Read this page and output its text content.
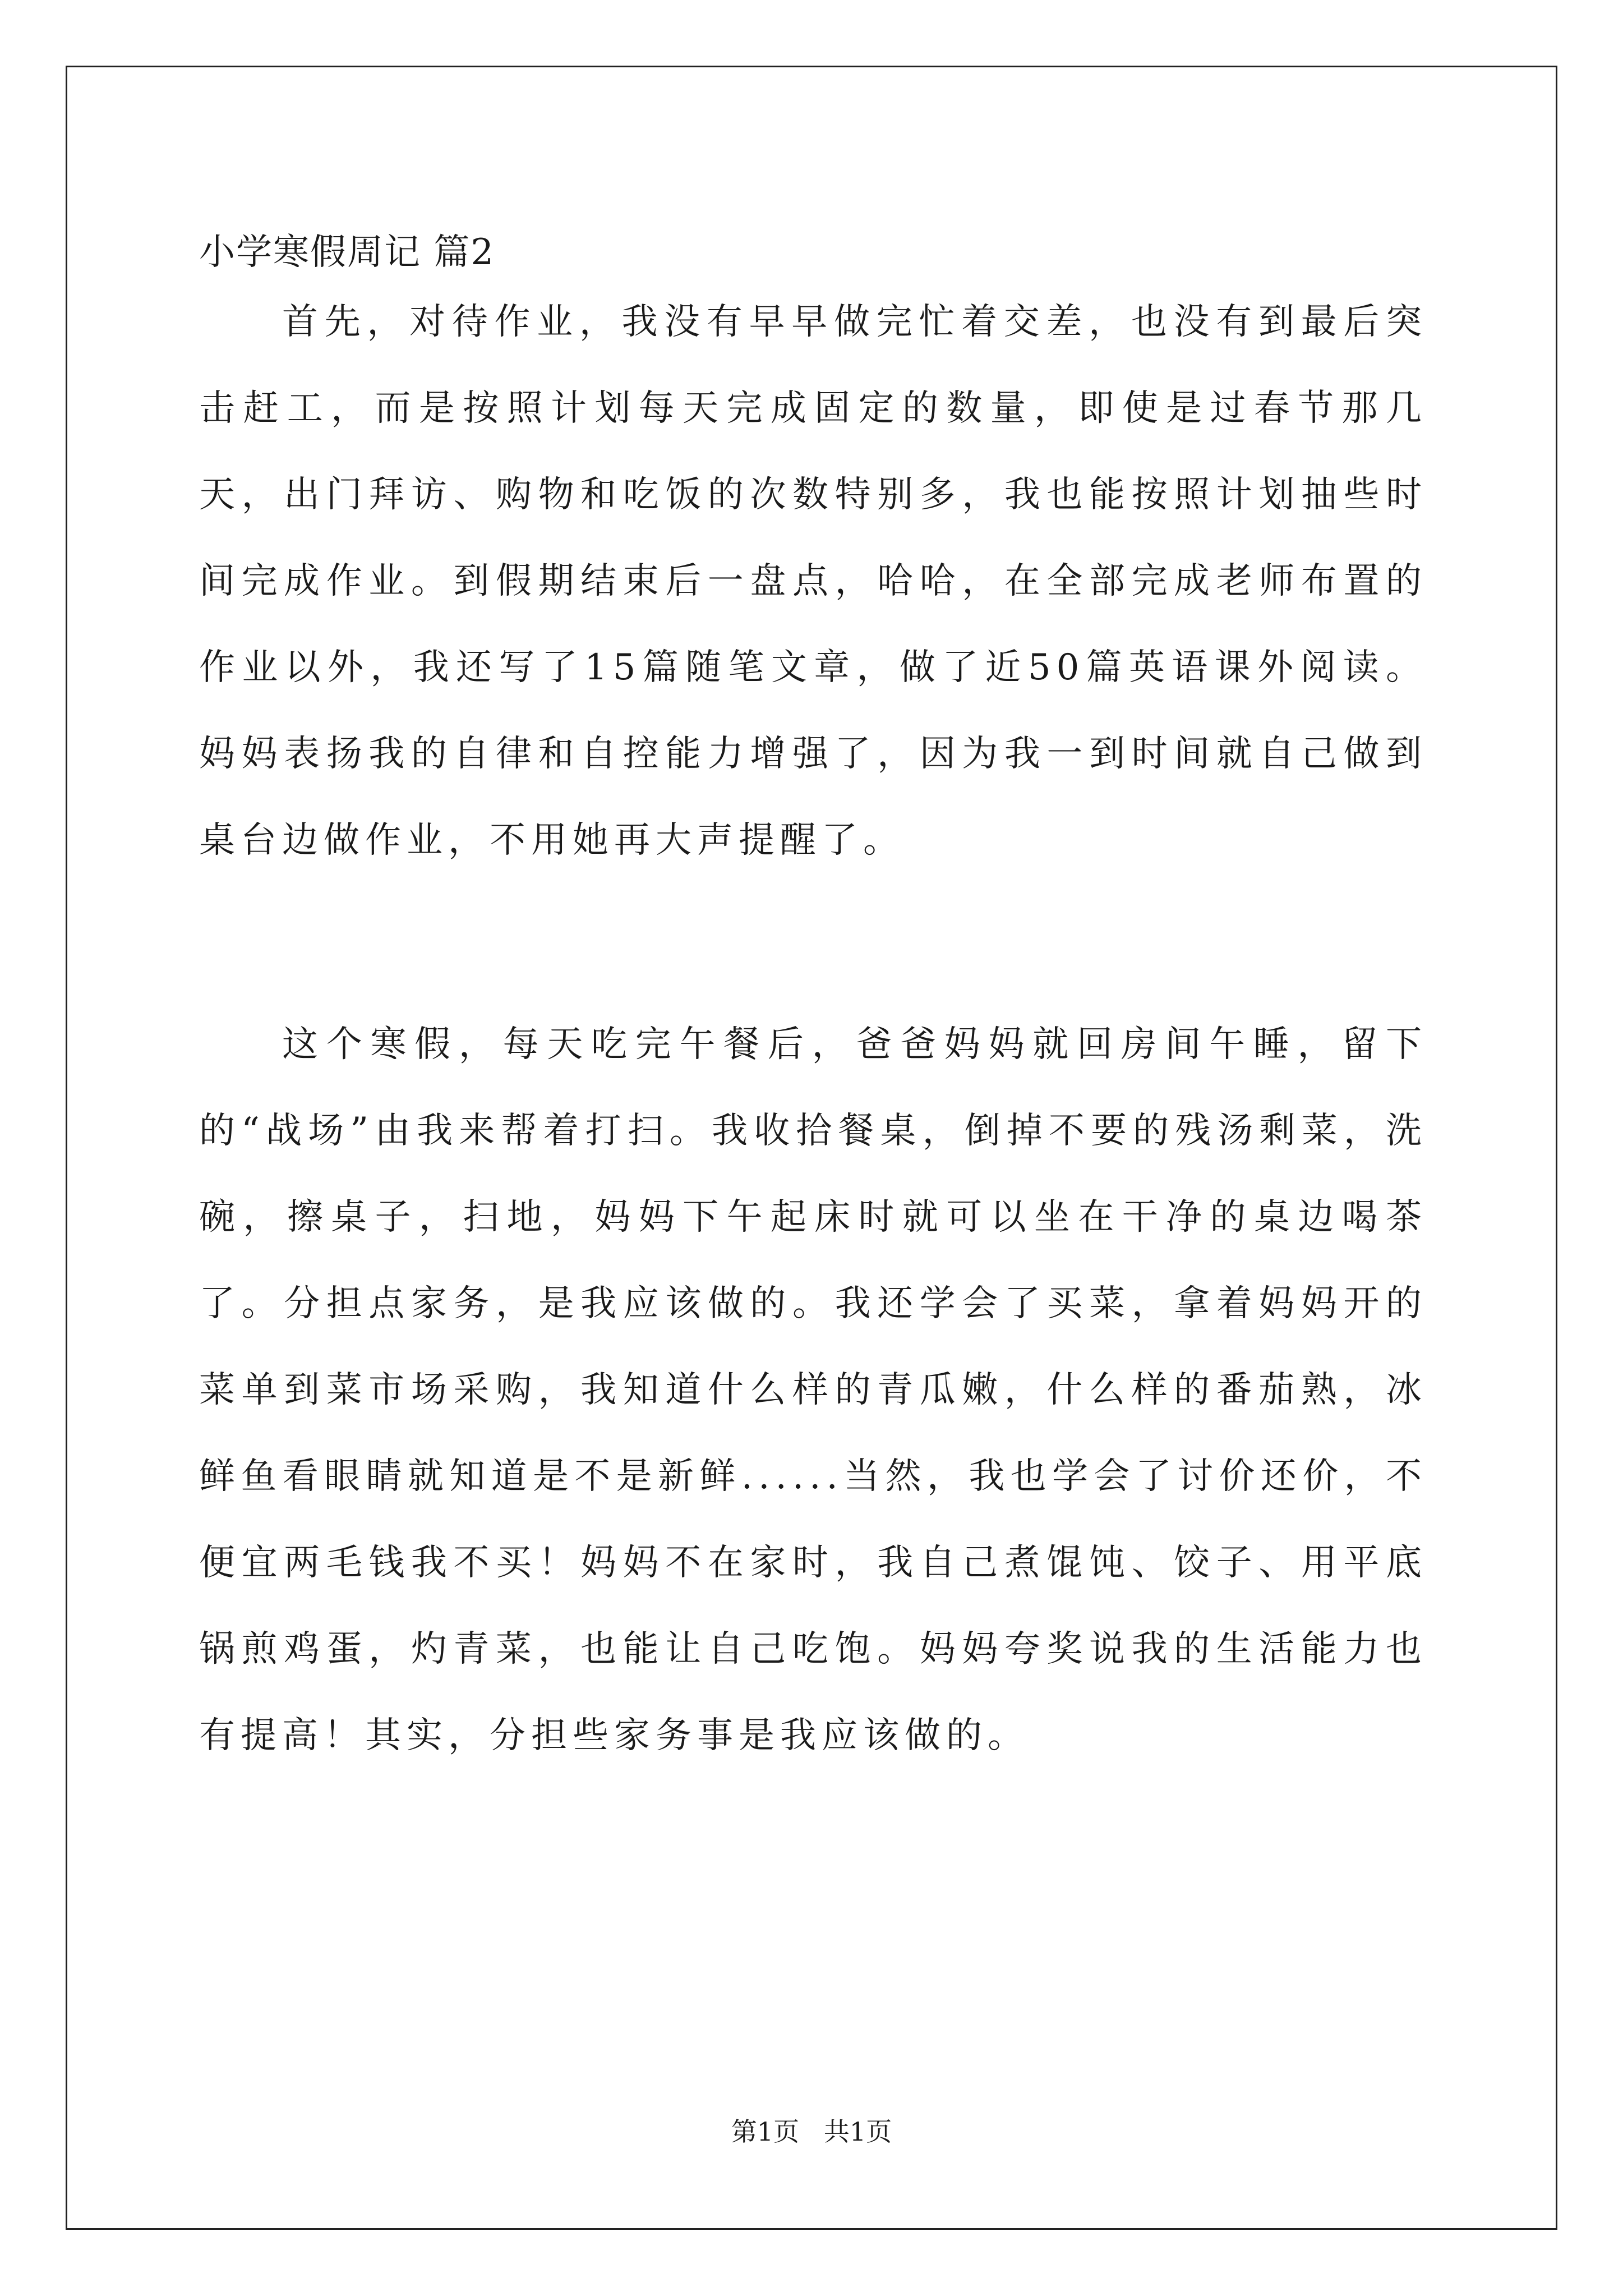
小学寒假周记 篇2

首先，对待作业，我没有早早做完忙着交差，也没有到最后突击赶工，而是按照计划每天完成固定的数量，即使是过春节那几天，出门拜访、购物和吃饭的次数特别多，我也能按照计划抽些时间完成作业。到假期结束后一盘点，哈哈，在全部完成老师布置的作业以外，我还写了15篇随笔文章，做了近50篇英语课外阅读。妈妈表扬我的自律和自控能力增强了，因为我一到时间就自己做到桌台边做作业，不用她再大声提醒了。

这个寒假，每天吃完午餐后，爸爸妈妈就回房间午睡，留下的“战场”由我来帮着打扫。我收拾餐桌，倒掉不要的残汤剩菜，洗碗，擦桌子，扫地，妈妈下午起床时就可以坐在干净的桌边喝茶了。分担点家务，是我应该做的。我还学会了买菜，拿着妈妈开的菜单到菜市场采购，我知道什么样的青瓜嫩，什么样的番茄熟，冰鲜鱼看眼睛就知道是不是新鲜......当然，我也学会了讨价还价，不便宜两毛钱我不买！妈妈不在家时，我自己煮馄饨、饺子、用平底锅煎鸡蛋，灼青菜，也能让自己吃饱。妈妈夸奖说我的生活能力也有提高！其实，分担些家务事是我应该做的。

第1页   共1页
